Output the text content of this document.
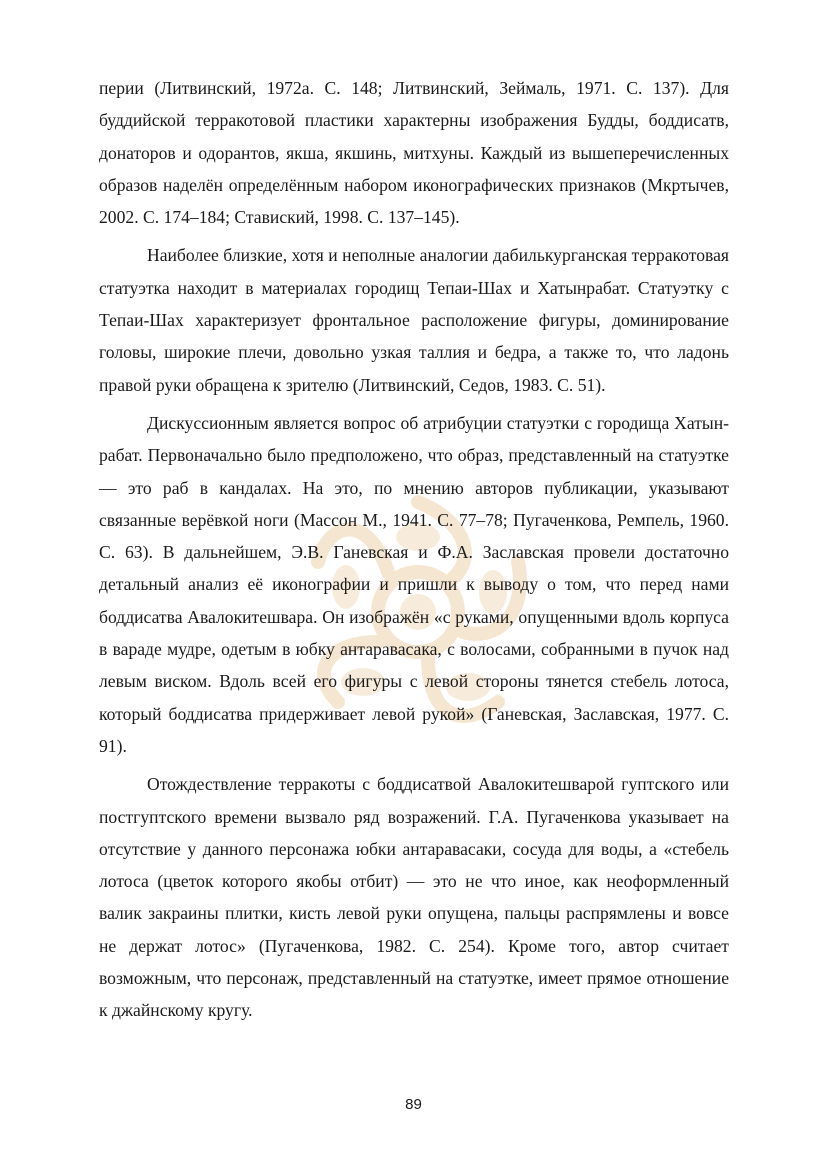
перии (Литвинский, 1972а. С. 148; Литвинский, Зеймаль, 1971. С. 137). Для буддийской терракотовой пластики характерны изображения Будды, боддисатв, донаторов и одорантов, якша, якшинь, митхуны. Каждый из вышеперечисленных образов наделён определённым набором иконографических признаков (Мкртычев, 2002. С. 174–184; Ставиский, 1998. С. 137–145).

Наиболее близкие, хотя и неполные аналогии дабилькурганская терракотовая статуэтка находит в материалах городищ Тепаи-Шах и Хатынрабат. Статуэтку с Тепаи-Шах характеризует фронтальное расположение фигуры, доминирование головы, широкие плечи, довольно узкая таллия и бедра, а также то, что ладонь правой руки обращена к зрителю (Литвинский, Седов, 1983. С. 51).

Дискуссионным является вопрос об атрибуции статуэтки с городища Хатын-рабат. Первоначально было предположено, что образ, представленный на статуэтке — это раб в кандалах. На это, по мнению авторов публикации, указывают связанные верёвкой ноги (Массон М., 1941. С. 77–78; Пугаченкова, Ремпель, 1960. С. 63). В дальнейшем, Э.В. Ганевская и Ф.А. Заславская провели достаточно детальный анализ её иконографии и пришли к выводу о том, что перед нами боддисатва Авалокитешвара. Он изображён «с руками, опущенными вдоль корпуса в вараде мудре, одетым в юбку антаравасака, с волосами, собранными в пучок над левым виском. Вдоль всей его фигуры с левой стороны тянется стебель лотоса, который боддисатва придерживает левой рукой» (Ганевская, Заславская, 1977. С. 91).

Отождествление терракоты с боддисатвой Авалокитешварой гуптского или постгуптского времени вызвало ряд возражений. Г.А. Пугаченкова указывает на отсутствие у данного персонажа юбки антаравасаки, сосуда для воды, а «стебель лотоса (цветок которого якобы отбит) — это не что иное, как неоформленный валик закраины плитки, кисть левой руки опущена, пальцы распрямлены и вовсе не держат лотос» (Пугаченкова, 1982. С. 254). Кроме того, автор считает возможным, что персонаж, представленный на статуэтке, имеет прямое отношение к джайнскому кругу.

89
